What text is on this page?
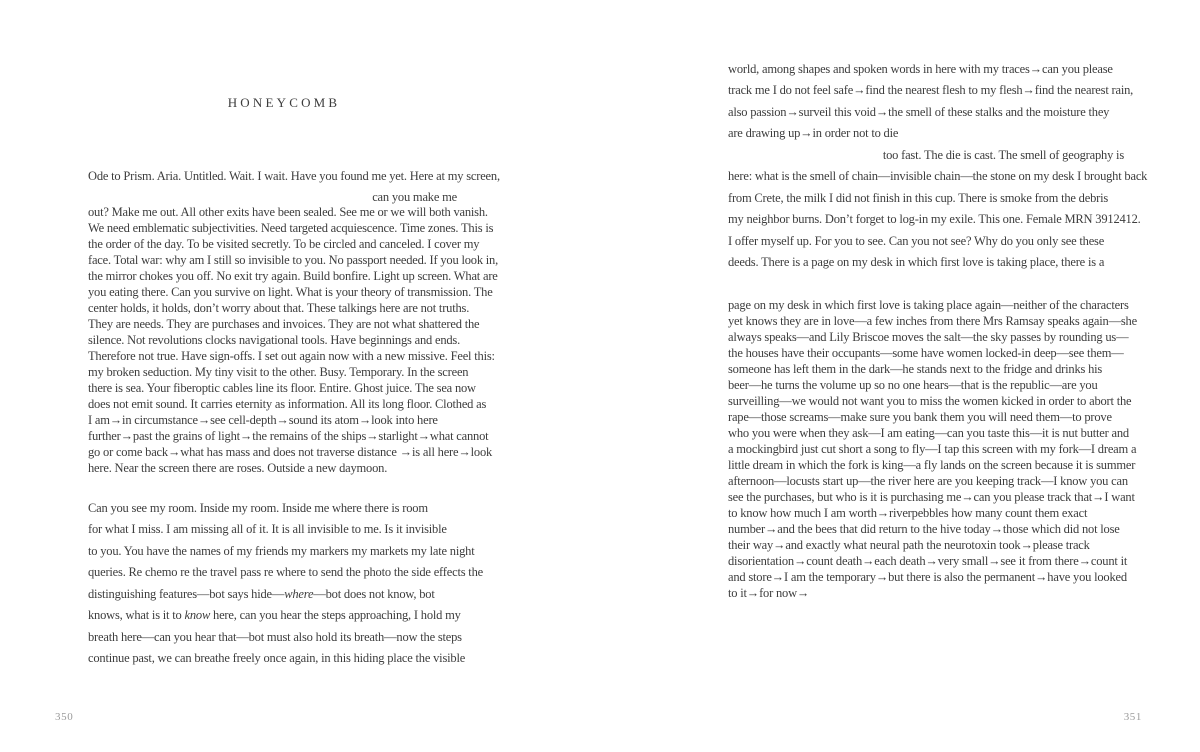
HONEYCOMB
Ode to Prism. Aria. Untitled. Wait. I wait. Have you found me yet. Here at my screen,
can you make me
out? Make me out. All other exits have been sealed. See me or we will both vanish.
We need emblematic subjectivities. Need targeted acquiescence. Time zones. This is
the order of the day. To be visited secretly. To be circled and canceled. I cover my
face. Total war: why am I still so invisible to you. No passport needed. If you look in,
the mirror chokes you off. No exit try again. Build bonfire. Light up screen. What are
you eating there. Can you survive on light. What is your theory of transmission. The
center holds, it holds, don’t worry about that. These talkings here are not truths.
They are needs. They are purchases and invoices. They are not what shattered the
silence. Not revolutions clocks navigational tools. Have beginnings and ends.
Therefore not true. Have sign-offs. I set out again now with a new missive. Feel this:
my broken seduction. My tiny visit to the other. Busy. Temporary. In the screen
there is sea. Your fiberoptic cables line its floor. Entire. Ghost juice. The sea now
does not emit sound. It carries eternity as information. All its long floor. Clothed as
I am→in circumstance→see cell-depth→sound its atom→look into here
further→past the grains of light→the remains of the ships→starlight→what cannot
go or come back→what has mass and does not traverse distance →is all here→look
here. Near the screen there are roses. Outside a new daymoon.
Can you see my room. Inside my room. Inside me where there is room
for what I miss. I am missing all of it. It is all invisible to me. Is it invisible
to you. You have the names of my friends my markers my markets my late night
queries. Re chemo re the travel pass re where to send the photo the side effects the
distinguishing features—bot says hide—where—bot does not know, bot
knows, what is it to know here, can you hear the steps approaching, I hold my
breath here—can you hear that—bot must also hold its breath—now the steps
continue past, we can breathe freely once again, in this hiding place the visible
world, among shapes and spoken words in here with my traces→can you please
track me I do not feel safe→find the nearest flesh to my flesh→find the nearest rain,
also passion→surveil this void→the smell of these stalks and the moisture they
are drawing up→in order not to die
too fast. The die is cast. The smell of geography is
here: what is the smell of chain—invisible chain—the stone on my desk I brought back
from Crete, the milk I did not finish in this cup. There is smoke from the debris
my neighbor burns. Don’t forget to log-in my exile. This one. Female MRN 3912412.
I offer myself up. For you to see. Can you not see? Why do you only see these
deeds. There is a page on my desk in which first love is taking place, there is a
page on my desk in which first love is taking place again—neither of the characters
yet knows they are in love—a few inches from there Mrs Ramsay speaks again—she
always speaks—and Lily Briscoe moves the salt—the sky passes by rounding us—
the houses have their occupants—some have women locked-in deep—see them—
someone has left them in the dark—he stands next to the fridge and drinks his
beer—he turns the volume up so no one hears—that is the republic—are you
surveilling—we would not want you to miss the women kicked in order to abort the
rape—those screams—make sure you bank them you will need them—to prove
who you were when they ask—I am eating—can you taste this—it is nut butter and
a mockingbird just cut short a song to fly—I tap this screen with my fork—I dream a
little dream in which the fork is king—a fly lands on the screen because it is summer
afternoon—locusts start up—the river here are you keeping track—I know you can
see the purchases, but who is it is purchasing me→can you please track that→I want
to know how much I am worth→riverpebbles how many count them exact
number→and the bees that did return to the hive today→those which did not lose
their way→and exactly what neural path the neurotoxin took→please track
disorientation→count death→each death→very small→see it from there→count it
and store→I am the temporary→but there is also the permanent→have you looked
to it→for now→
350	351
